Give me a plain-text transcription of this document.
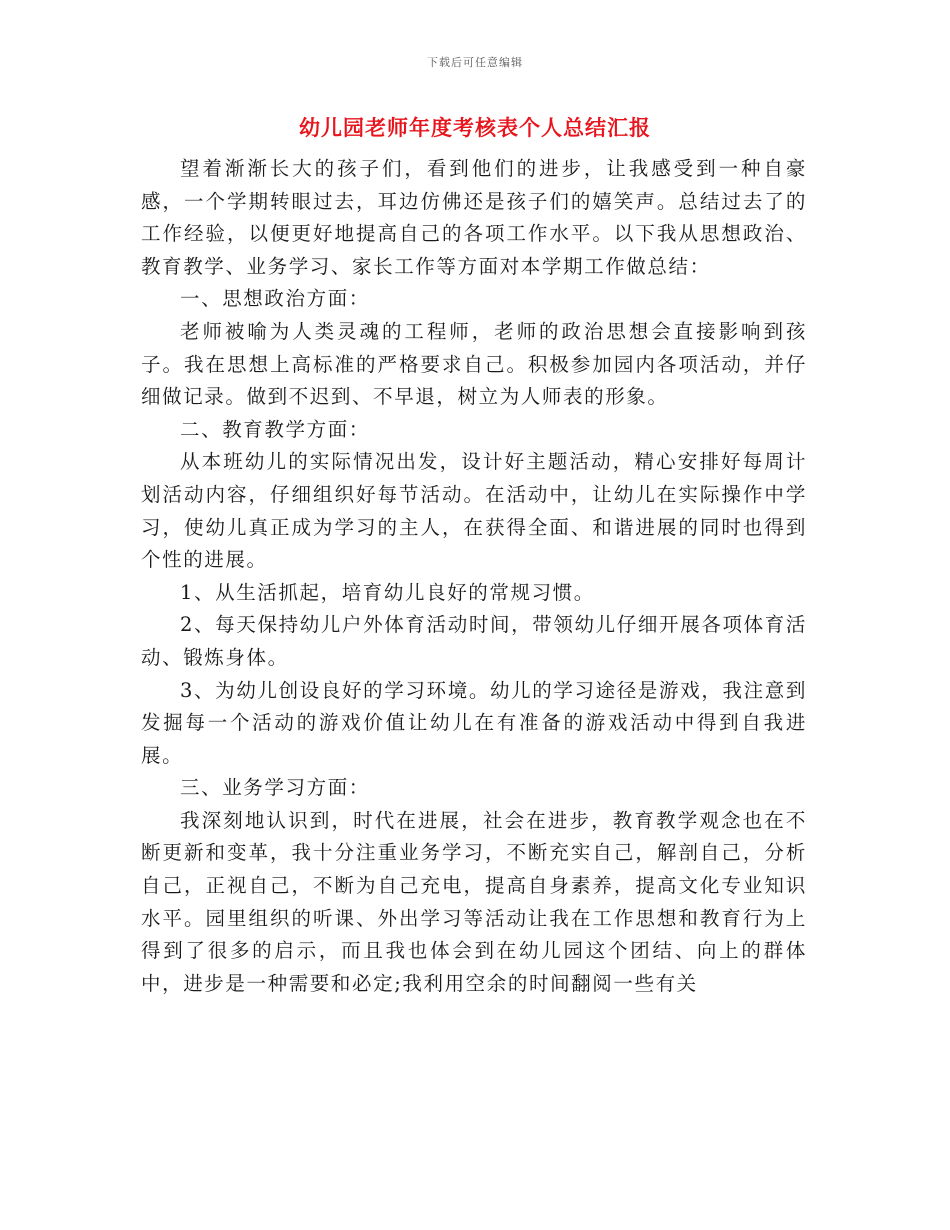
下载后可任意编辑
幼儿园老师年度考核表个人总结汇报

望着渐渐长大的孩子们，看到他们的进步，让我感受到一种自豪感，一个学期转眼过去，耳边仿佛还是孩子们的嬉笑声。总结过去了的工作经验，以便更好地提高自己的各项工作水平。以下我从思想政治、教育教学、业务学习、家长工作等方面对本学期工作做总结：

一、思想政治方面：

老师被喻为人类灵魂的工程师，老师的政治思想会直接影响到孩子。我在思想上高标准的严格要求自己。积极参加园内各项活动，并仔细做记录。做到不迟到、不早退，树立为人师表的形象。

二、教育教学方面：

从本班幼儿的实际情况出发，设计好主题活动，精心安排好每周计划活动内容，仔细组织好每节活动。在活动中，让幼儿在实际操作中学习，使幼儿真正成为学习的主人，在获得全面、和谐进展的同时也得到个性的进展。

1、从生活抓起，培育幼儿良好的常规习惯。

2、每天保持幼儿户外体育活动时间，带领幼儿仔细开展各项体育活动、锻炼身体。

3、为幼儿创设良好的学习环境。幼儿的学习途径是游戏，我注意到发掘每一个活动的游戏价值让幼儿在有准备的游戏活动中得到自我进展。

三、业务学习方面：

我深刻地认识到，时代在进展，社会在进步，教育教学观念也在不断更新和变革，我十分注重业务学习，不断充实自己，解剖自己，分析自己，正视自己，不断为自己充电，提高自身素养，提高文化专业知识水平。园里组织的听课、外出学习等活动让我在工作思想和教育行为上得到了很多的启示，而且我也体会到在幼儿园这个团结、向上的群体中，进步是一种需要和必定;我利用空余的时间翻阅一些有关
